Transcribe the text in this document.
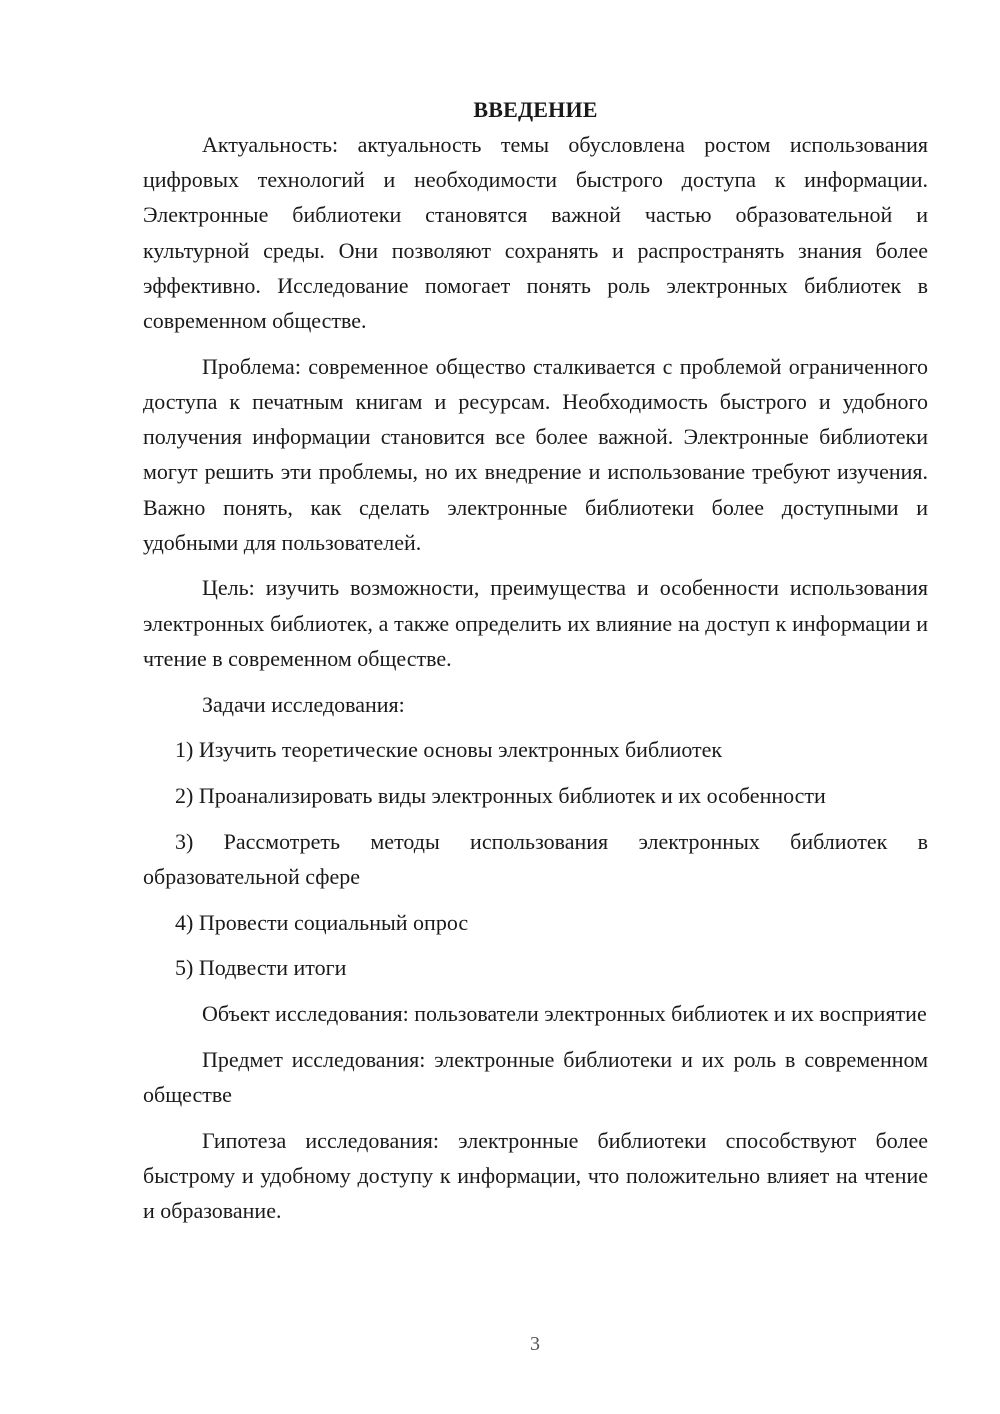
ВВЕДЕНИЕ

Актуальность: актуальность темы обусловлена ростом использования цифровых технологий и необходимости быстрого доступа к информации. Электронные библиотеки становятся важной частью образовательной и культурной среды. Они позволяют сохранять и распространять знания более эффективно. Исследование помогает понять роль электронных библиотек в современном обществе.

Проблема: современное общество сталкивается с проблемой ограниченного доступа к печатным книгам и ресурсам. Необходимость быстрого и удобного получения информации становится все более важной. Электронные библиотеки могут решить эти проблемы, но их внедрение и использование требуют изучения. Важно понять, как сделать электронные библиотеки более доступными и удобными для пользователей.

Цель: изучить возможности, преимущества и особенности использования электронных библиотек, а также определить их влияние на доступ к информации и чтение в современном обществе.

Задачи исследования:

1) Изучить теоретические основы электронных библиотек

2) Проанализировать виды электронных библиотек и их особенности

3) Рассмотреть методы использования электронных библиотек в образовательной сфере

4) Провести социальный опрос

5) Подвести итоги

Объект исследования: пользователи электронных библиотек и их восприятие

Предмет исследования: электронные библиотеки и их роль в современном обществе

Гипотеза исследования: электронные библиотеки способствуют более быстрому и удобному доступу к информации, что положительно влияет на чтение и образование.

3
